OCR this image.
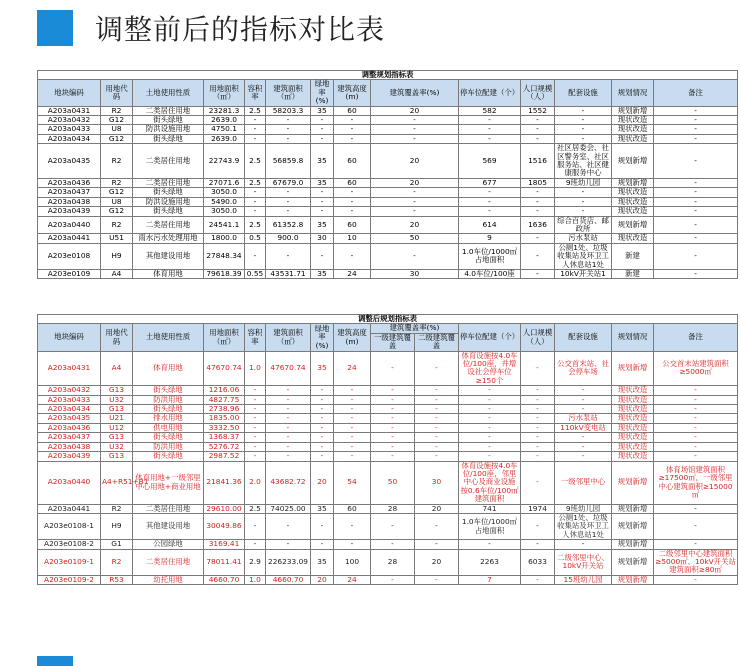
调整前后的指标对比表
调整规划指标表													
地块编码	用地代码	土地使用性质	用地面积（㎡）	容积率	建筑面积（㎡）	绿地率(%)	建筑高度(m)	建筑覆盖率(%)	停车位配建（个）	人口规模（人）	配套设施	规划情况	备注
A203a0431	R2	二类居住用地	23281.3	2.5	58203.3	35	60	20	582	1552	-	规划新增	-
A203a0432	G12	街头绿地	2639.0	-	-	-	-	-	-	-	-	现状改造	-
A203a0433	U8	防洪设施用地	4750.1	-	-	-	-	-	-	-	-	现状改造	-
A203a0434	G12	街头绿地	2639.0	-	-	-	-	-	-	-	-	现状改造	-
A203a0435	R2	二类居住用地	22743.9	2.5	56859.8	35	60	20	569	1516	社区居委会、社区警务室、社区服务站、社区健康服务中心	规划新增	-
A203a0436	R2	二类居住用地	27071.6	2.5	67679.0	35	60	20	677	1805	9班幼儿园	规划新增	-
A203a0437	G12	街头绿地	3050.0	-	-	-	-	-	-	-	-	现状改造	-
A203a0438	U8	防洪设施用地	5490.0	-	-	-	-	-	-	-	-	现状改造	-
A203a0439	G12	街头绿地	3050.0	-	-	-	-	-	-	-	-	现状改造	-
A203a0440	R2	二类居住用地	24541.1	2.5	61352.8	35	60	20	614	1636	综合百货店、邮政所	规划新增	-
A203a0441	U51	雨水污水处理用地	1800.0	0.5	900.0	30	10	50	9	-	污水泵站	现状改造	-
A203e0108	H9	其他建设用地	27848.34	-	-	-	-	-	1.0车位/1000㎡占地面积	-	公厕1处、垃圾收集站及环卫工人休息站1处	新建	-
A203e0109	A4	体育用地	79618.39	0.55	43531.71	35	24	30	4.0车位/100座	-	10kV开关站1	新建	-
调整后规划指标表														
地块编码	用地代码	土地使用性质	用地面积（㎡）	容积率	建筑面积（㎡）	绿地率(%)	建筑高度(m)	建筑覆盖率(%)		停车位配建（个）	人口规模（人）	配套设施	规划情况	备注
								一级建筑覆盖	二级建筑覆盖					
A203a0431	A4	体育用地	47670.74	1.0	47670.74	35	24	-	-	体育设施按4.0车位/100座，并增设社会停车位≥150个	-	公交首末站、社会停车场	规划新增	公交首末站建筑面积≥5000㎡
A203a0432	G13	街头绿地	1216.06	-	-	-	-	-	-	-	-	-	现状改造	-
A203a0433	U32	防洪用地	4827.75	-	-	-	-	-	-	-	-	-	现状改造	-
A203a0434	G13	街头绿地	2738.96	-	-	-	-	-	-	-	-	-	现状改造	-
A203a0435	U21	排水用地	1835.00	-	-	-	-	-	-	-	-	污水泵站	现状改造	-
A203a0436	U12	供电用地	3332.50	-	-	-	-	-	-	-	-	110kV变电站	现状改造	-
A203a0437	G13	街头绿地	1368.37	-	-	-	-	-	-	-	-	-	现状改造	-
A203a0438	U32	防洪用地	5276.72	-	-	-	-	-	-	-	-	-	现状改造	-
A203a0439	G13	街头绿地	2987.52	-	-	-	-	-	-	-	-	-	现状改造	-
A203a0440	A4+R51+B1	体育用地+一级邻里中心用地+商业用地	21841.36	2.0	43682.72	20	54	50	30	体育设施按4.0车位/100座，邻里中心及商业设施按0.6车位/100㎡建筑面积	-	一级邻里中心	规划新增	体育场馆建筑面积≥17500㎡，一级邻里中心建筑面积≥15000㎡
A203a0441	R2	二类居住用地	29610.00	2.5	74025.00	35	60	28	20	741	1974	9班幼儿园	规划新增	-
A203e0108-1	H9	其他建设用地	30049.86	-	-	-	-	-	-	1.0车位/1000㎡占地面积	-	公厕1处、垃圾收集站及环卫工人休息站1处	规划新增	-
A203e0108-2	G1	公园绿地	3169.41	-	-	-	-	-	-	-	-	-	规划新增	-
A203e0109-1	R2	二类居住用地	78011.41	2.9	226233.09	35	100	28	20	2263	6033	二级邻里中心、10kV开关站	规划新增	二级邻里中心建筑面积≥5000㎡、10kV开关站建筑面积≥80㎡
A203e0109-2	R53	幼托用地	4660.70	1.0	4660.70	20	24	-	-	7	-	15班幼儿园	规划新增	-
